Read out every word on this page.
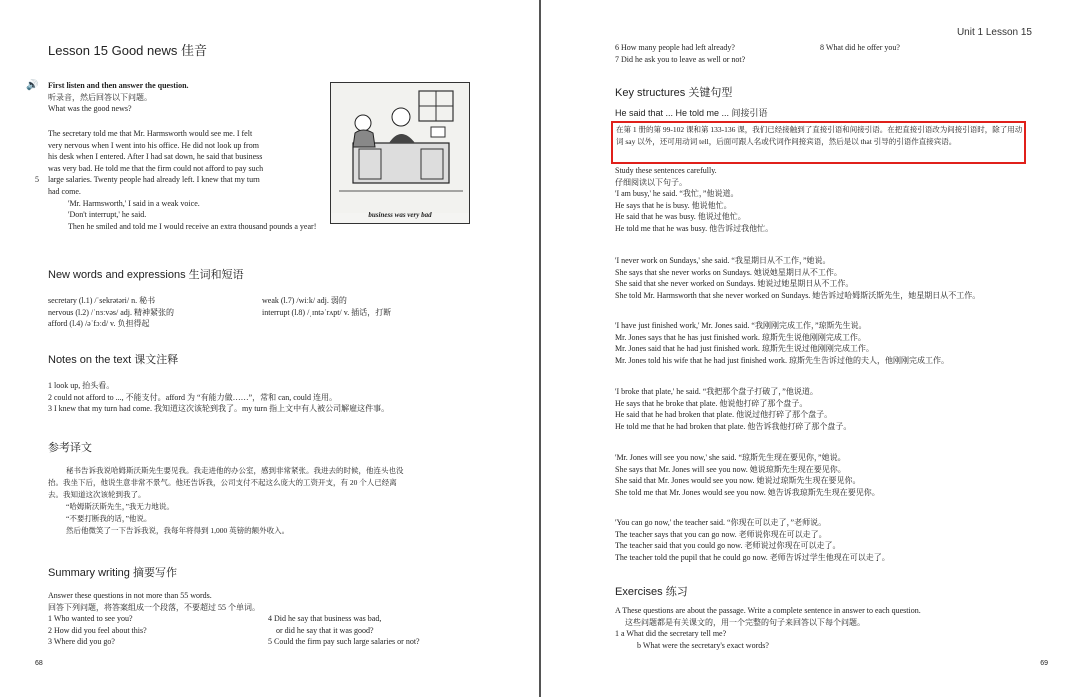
Lesson 15 Good news 佳音
🔊 First listen and then answer the question.

听录音，然后回答以下问题。

What was the good news?

The secretary told me that Mr. Harmsworth would see me. I felt

very nervous when I went into his office. He did not look up from

his desk when I entered. After I had sat down, he said that business

was very bad. He told me that the firm could not afford to pay such

5 large salaries. Twenty people had already left. I knew that my turn

had come.

'Mr. Harmsworth,' I said in a weak voice.

'Don't interrupt,' he said.

Then he smiled and told me I would receive an extra thousand pounds a year!

business was very bad
New words and expressions 生词和短语

secretary (l.1) /ˈsekrətəri/ n. 秘书

nervous (l.2) /ˈnɜːvəs/ adj. 精神紧张的

afford (l.4) /əˈfɔːd/ v. 负担得起

weak (l.7) /wiːk/ adj. 弱的

interrupt (l.8) /ˌɪntəˈrʌpt/ v. 插话，打断

Notes on the text 课文注释

1 look up, 抬头看。

2 could not afford to ..., 不能支付。afford 为 “有能力做……”，常和 can, could 连用。

3 I knew that my turn had come. 我知道这次该轮到我了。my turn 指上文中有人被公司解雇这件事。

参考译文

秘书告诉我说哈姆斯沃斯先生要见我。我走进他的办公室，感到非常紧张。我进去的时候，他连头也没

抬。我坐下后，他说生意非常不景气。他还告诉我，公司支付不起这么庞大的工资开支，有 20 个人已经离

去。我知道这次该轮到我了。

“哈姆斯沃斯先生，”我无力地说。

“不要打断我的话，”他说。

然后他微笑了一下告诉我说，我每年将得到 1,000 英镑的额外收入。

Summary writing 摘要写作

Answer these questions in not more than 55 words.

回答下列问题，将答案组成一个段落，不要超过 55 个单词。

1 Who wanted to see you?

2 How did you feel about this?

3 Where did you go?

4 Did he say that business was bad,

or did he say that it was good?

5 Could the firm pay such large salaries or not?

68
Unit 1 Lesson 15

6 How many people had left already?	8 What did he offer you?

7 Did he ask you to leave as well or not?

Key structures 关键句型
He said that ... He told me ... 间接引语
在第 1 册的第 99-102 课和第 133-136 课，我们已经接触到了直接引语和间接引语。在把直接引语改为间接引语时，除了用动词 say 以外，还可用动词 tell，后面可跟人名或代词作间接宾语，然后是以 that 引导的引语作直接宾语。

Study these sentences carefully.

仔细阅读以下句子。

'I am busy,' he said. “我忙，”他说道。

He says that he is busy. 他说他忙。

He said that he was busy. 他说过他忙。

He told me that he was busy. 他告诉过我他忙。

'I never work on Sundays,' she said. “我星期日从不工作，”她说。

She says that she never works on Sundays. 她说她星期日从不工作。

She said that she never worked on Sundays. 她说过她星期日从不工作。

She told Mr. Harmsworth that she never worked on Sundays. 她告诉过哈姆斯沃斯先生，她星期日从不工作。

'I have just finished work,' Mr. Jones said. “我刚刚完成工作，”琼斯先生说。

Mr. Jones says that he has just finished work. 琼斯先生说他刚刚完成工作。

Mr. Jones said that he had just finished work. 琼斯先生说过他刚刚完成工作。

Mr. Jones told his wife that he had just finished work. 琼斯先生告诉过他的夫人，他刚刚完成工作。

'I broke that plate,' he said. “我把那个盘子打破了，”他说道。

He says that he broke that plate. 他说他打碎了那个盘子。

He said that he had broken that plate. 他说过他打碎了那个盘子。

He told me that he had broken that plate. 他告诉我他打碎了那个盘子。

'Mr. Jones will see you now,' she said. “琼斯先生现在要见你，”她说。

She says that Mr. Jones will see you now. 她说琼斯先生现在要见你。

She said that Mr. Jones would see you now. 她说过琼斯先生现在要见你。

She told me that Mr. Jones would see you now. 她告诉我琼斯先生现在要见你。

'You can go now,' the teacher said. “你现在可以走了，”老师说。

The teacher says that you can go now. 老师说你现在可以走了。

The teacher said that you could go now. 老师说过你现在可以走了。

The teacher told the pupil that he could go now. 老师告诉过学生他现在可以走了。

Exercises 练习

A These questions are about the passage. Write a complete sentence in answer to each question.

这些问题都是有关课文的，用一个完整的句子来回答以下每个问题。

1 a What did the secretary tell me?

b What were the secretary's exact words?

69
